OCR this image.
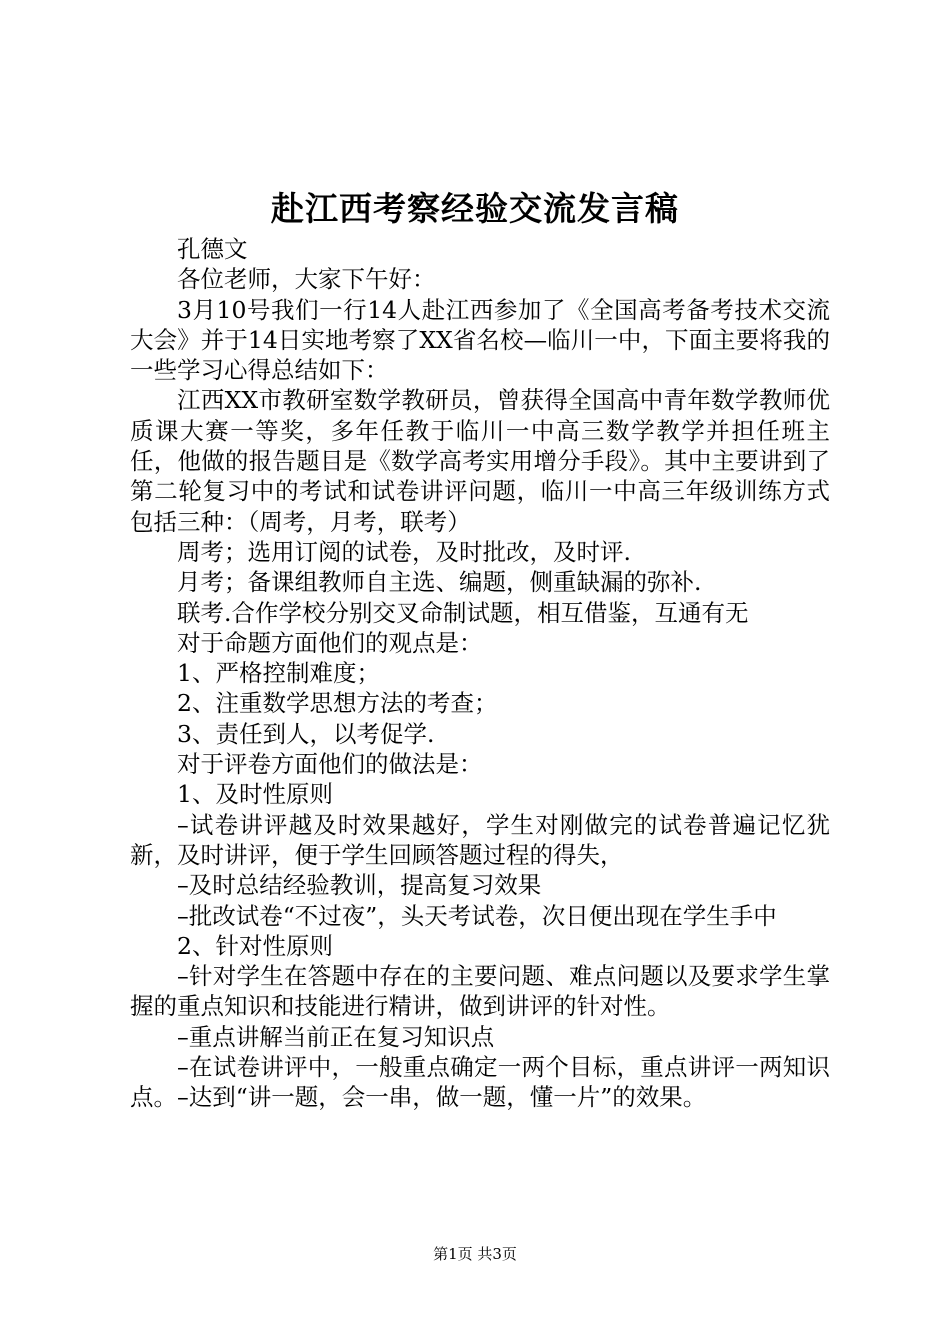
赴江西考察经验交流发言稿

孔德文

各位老师，大家下午好：

3月10号我们一行14人赴江西参加了《全国高考备考技术交流大会》并于14日实地考察了XX省名校—临川一中，下面主要将我的一些学习心得总结如下：

江西XX市教研室数学教研员，曾获得全国高中青年数学教师优质课大赛一等奖，多年任教于临川一中高三数学教学并担任班主任，他做的报告题目是《数学高考实用增分手段》。其中主要讲到了第二轮复习中的考试和试卷讲评问题，临川一中高三年级训练方式包括三种：（周考，月考，联考）

周考；选用订阅的试卷，及时批改，及时评.

月考；备课组教师自主选、编题，侧重缺漏的弥补.

联考.合作学校分别交叉命制试题，相互借鉴，互通有无

对于命题方面他们的观点是：

1、严格控制难度；

2、注重数学思想方法的考查；

3、责任到人，以考促学.

对于评卷方面他们的做法是：

1、及时性原则

–试卷讲评越及时效果越好，学生对刚做完的试卷普遍记忆犹新，及时讲评，便于学生回顾答题过程的得失，

–及时总结经验教训，提高复习效果

–批改试卷“不过夜”，头天考试卷，次日便出现在学生手中

2、针对性原则

–针对学生在答题中存在的主要问题、难点问题以及要求学生掌握的重点知识和技能进行精讲，做到讲评的针对性。

–重点讲解当前正在复习知识点

–在试卷讲评中，一般重点确定一两个目标，重点讲评一两知识点。–达到“讲一题，会一串，做一题，懂一片”的效果。

第1页 共3页
